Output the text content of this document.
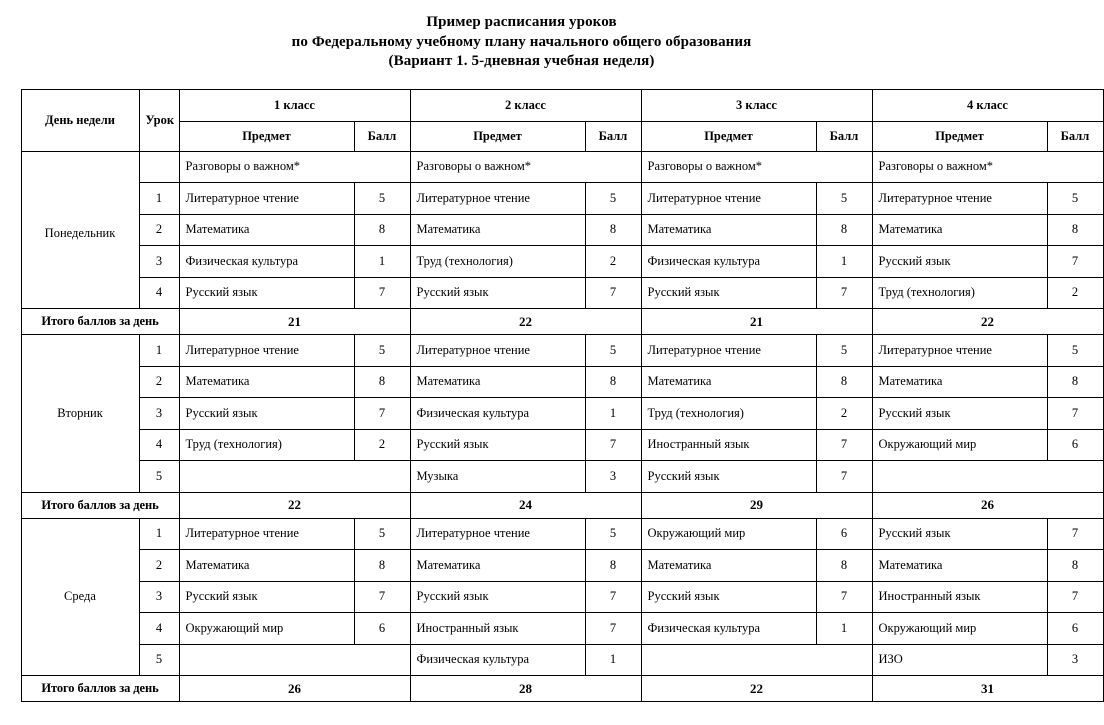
Пример расписания уроков
по Федеральному учебному плану начального общего образования
(Вариант 1. 5-дневная учебная неделя)
День недели	Урок	1 класс		2 класс		3 класс		4 класс	
		Предмет	Балл	Предмет	Балл	Предмет	Балл	Предмет	Балл
Понедельник		Разговоры о важном*		Разговоры о важном*		Разговоры о важном*		Разговоры о важном*	
	1	Литературное чтение	5	Литературное чтение	5	Литературное чтение	5	Литературное чтение	5
	2	Математика	8	Математика	8	Математика	8	Математика	8
	3	Физическая культура	1	Труд (технология)	2	Физическая культура	1	Русский язык	7
	4	Русский язык	7	Русский язык	7	Русский язык	7	Труд (технология)	2
Итого баллов за день		21		22		21		22	
Вторник	1	Литературное чтение	5	Литературное чтение	5	Литературное чтение	5	Литературное чтение	5
	2	Математика	8	Математика	8	Математика	8	Математика	8
	3	Русский язык	7	Физическая культура	1	Труд (технология)	2	Русский язык	7
	4	Труд (технология)	2	Русский язык	7	Иностранный язык	7	Окружающий мир	6
	5			Музыка	3	Русский язык	7		
Итого баллов за день		22		24		29		26	
Среда	1	Литературное чтение	5	Литературное чтение	5	Окружающий мир	6	Русский язык	7
	2	Математика	8	Математика	8	Математика	8	Математика	8
	3	Русский язык	7	Русский язык	7	Русский язык	7	Иностранный язык	7
	4	Окружающий мир	6	Иностранный язык	7	Физическая культура	1	Окружающий мир	6
	5			Физическая культура	1			ИЗО	3
Итого баллов за день		26		28		22		31	
